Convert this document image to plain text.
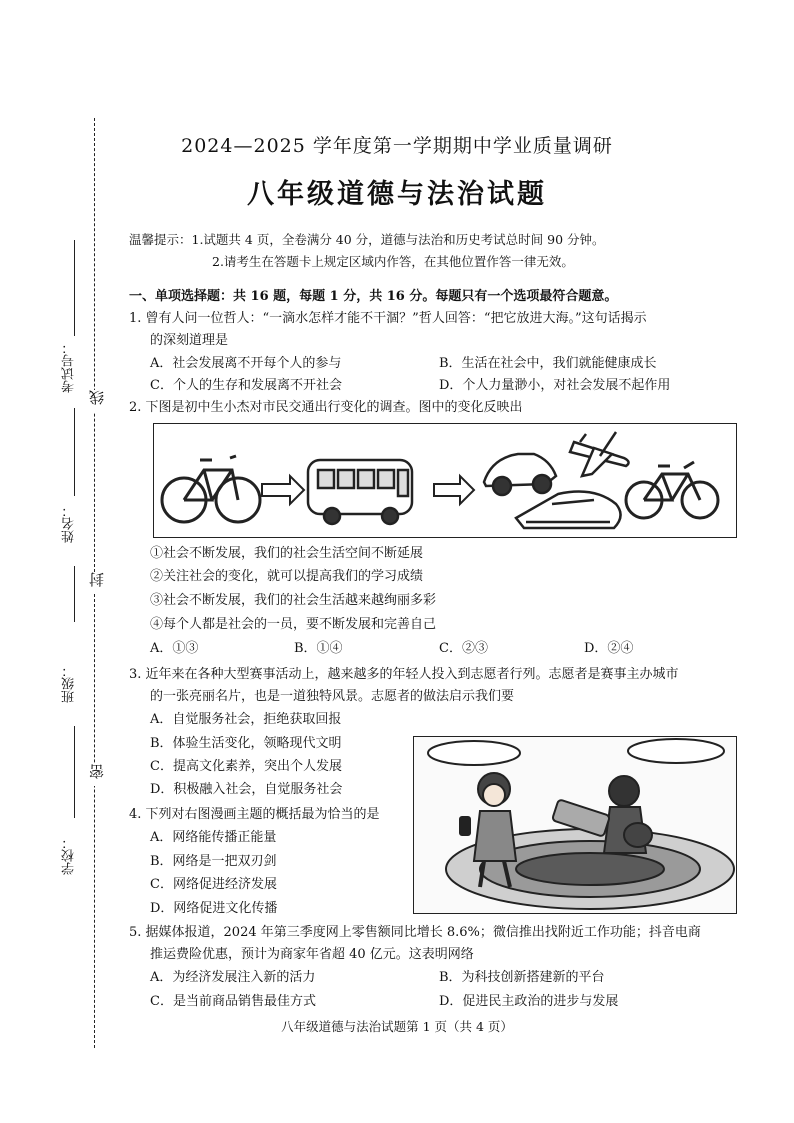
考试号：
姓名：
班级：
学校：
线
封
密
2024—2025 学年度第一学期期中学业质量调研
八年级道德与法治试题
温馨提示：1.试题共 4 页，全卷满分 40 分，道德与法治和历史考试总时间 90 分钟。
2.请考生在答题卡上规定区域内作答，在其他位置作答一律无效。
一、单项选择题：共 16 题，每题 1 分，共 16 分。每题只有一个选项最符合题意。
1. 曾有人问一位哲人：“一滴水怎样才能不干涸？”哲人回答：“把它放进大海。”这句话揭示
的深刻道理是
A．社会发展离不开每个人的参与	B．生活在社会中，我们就能健康成长
C．个人的生存和发展离不开社会	D．个人力量渺小，对社会发展不起作用
2. 下图是初中生小杰对市民交通出行变化的调查。图中的变化反映出
①社会不断发展，我们的社会生活空间不断延展
②关注社会的变化，就可以提高我们的学习成绩
③社会不断发展，我们的社会生活越来越绚丽多彩
④每个人都是社会的一员，要不断发展和完善自己
A．①③	B．①④	C．②③	D．②④
3. 近年来在各种大型赛事活动上，越来越多的年轻人投入到志愿者行列。志愿者是赛事主办城市
的一张亮丽名片，也是一道独特风景。志愿者的做法启示我们要
A．自觉服务社会，拒绝获取回报
B．体验生活变化，领略现代文明
C．提高文化素养，突出个人发展
D．积极融入社会，自觉服务社会
4. 下列对右图漫画主题的概括最为恰当的是
A．网络能传播正能量
B．网络是一把双刃剑
C．网络促进经济发展
D．网络促进文化传播
5. 据媒体报道，2024 年第三季度网上零售额同比增长 8.6%；微信推出找附近工作功能；抖音电商
推运费险优惠，预计为商家年省超 40 亿元。这表明网络
A．为经济发展注入新的活力	B．为科技创新搭建新的平台
C．是当前商品销售最佳方式	D．促进民主政治的进步与发展
八年级道德与法治试题第 1 页（共 4 页）
